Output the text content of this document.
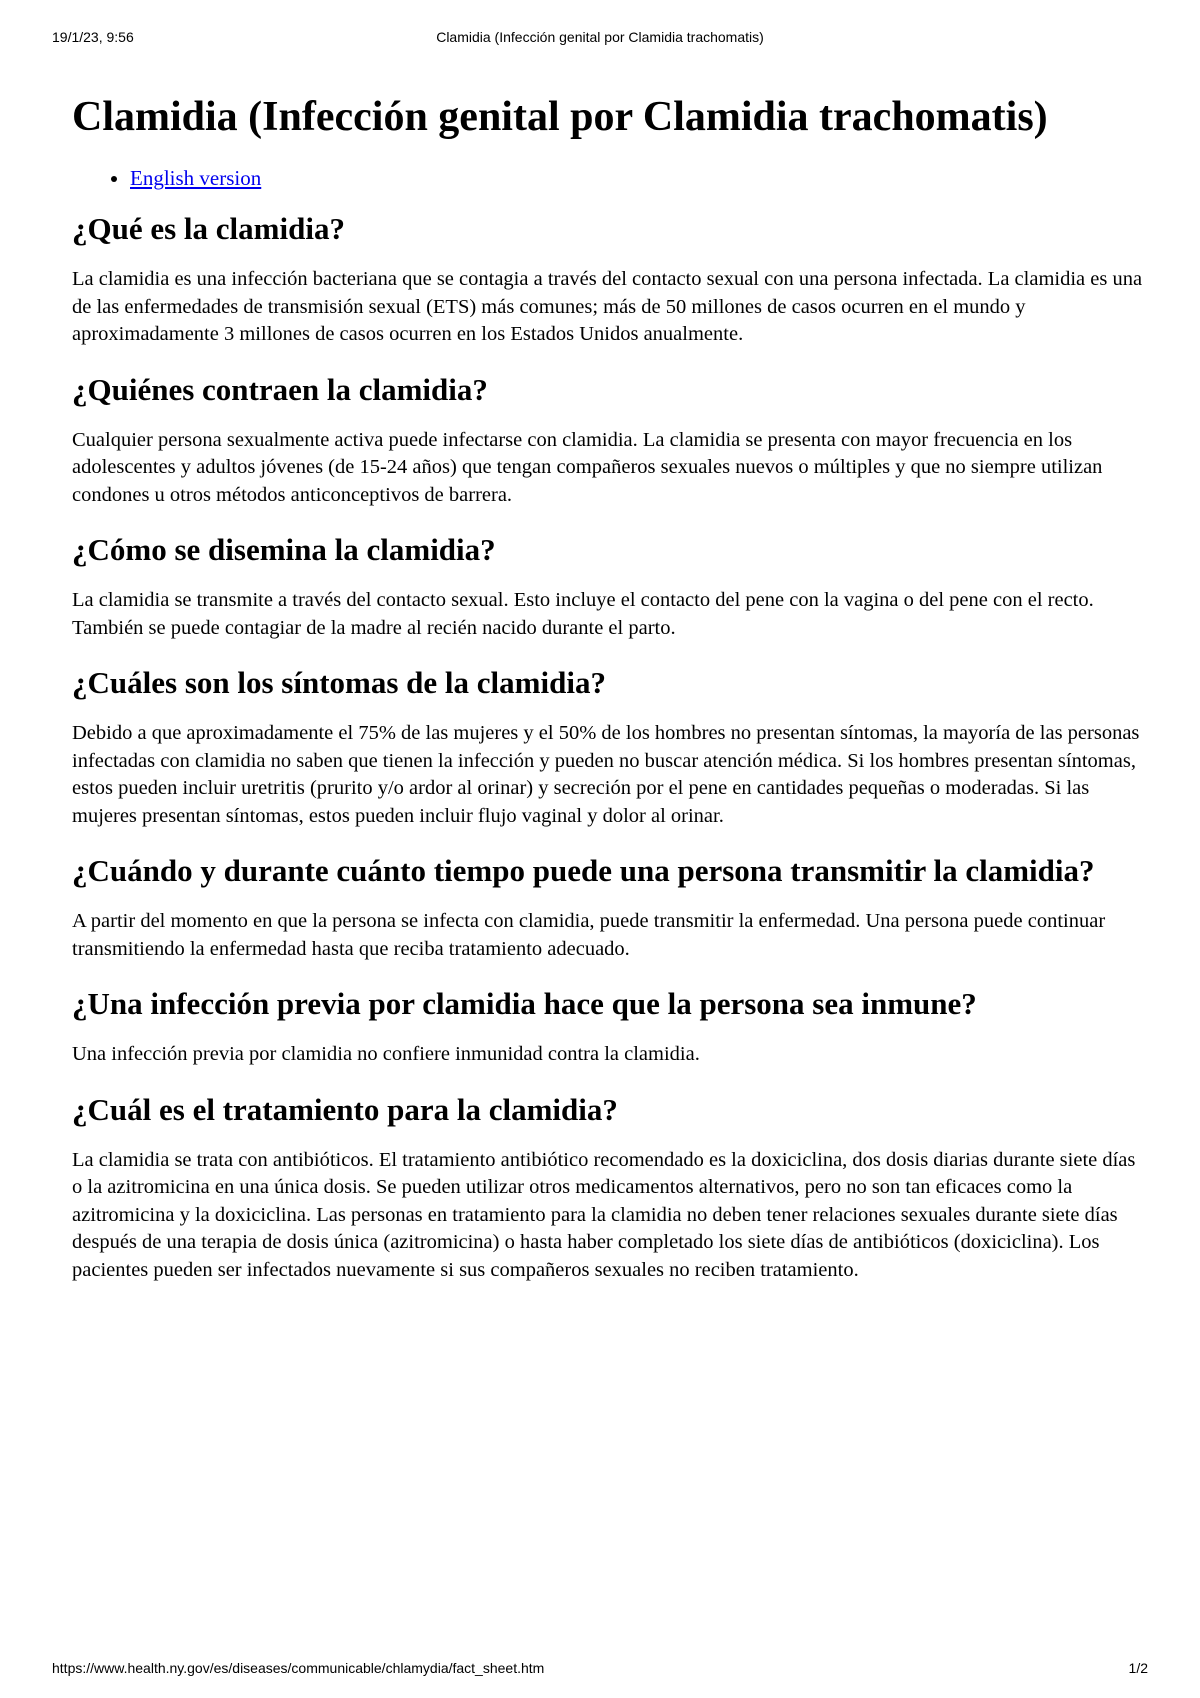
19/1/23, 9:56	Clamidia (Infección genital por Clamidia trachomatis)
Clamidia (Infección genital por Clamidia trachomatis)
• English version
¿Qué es la clamidia?

La clamidia es una infección bacteriana que se contagia a través del contacto sexual con una persona infectada. La clamidia es una de las enfermedades de transmisión sexual (ETS) más comunes; más de 50 millones de casos ocurren en el mundo y aproximadamente 3 millones de casos ocurren en los Estados Unidos anualmente.

¿Quiénes contraen la clamidia?

Cualquier persona sexualmente activa puede infectarse con clamidia. La clamidia se presenta con mayor frecuencia en los adolescentes y adultos jóvenes (de 15-24 años) que tengan compañeros sexuales nuevos o múltiples y que no siempre utilizan condones u otros métodos anticonceptivos de barrera.

¿Cómo se disemina la clamidia?

La clamidia se transmite a través del contacto sexual. Esto incluye el contacto del pene con la vagina o del pene con el recto. También se puede contagiar de la madre al recién nacido durante el parto.

¿Cuáles son los síntomas de la clamidia?

Debido a que aproximadamente el 75% de las mujeres y el 50% de los hombres no presentan síntomas, la mayoría de las personas infectadas con clamidia no saben que tienen la infección y pueden no buscar atención médica. Si los hombres presentan síntomas, estos pueden incluir uretritis (prurito y/o ardor al orinar) y secreción por el pene en cantidades pequeñas o moderadas. Si las mujeres presentan síntomas, estos pueden incluir flujo vaginal y dolor al orinar.

¿Cuándo y durante cuánto tiempo puede una persona transmitir la clamidia?

A partir del momento en que la persona se infecta con clamidia, puede transmitir la enfermedad. Una persona puede continuar transmitiendo la enfermedad hasta que reciba tratamiento adecuado.

¿Una infección previa por clamidia hace que la persona sea inmune?

Una infección previa por clamidia no confiere inmunidad contra la clamidia.

¿Cuál es el tratamiento para la clamidia?

La clamidia se trata con antibióticos. El tratamiento antibiótico recomendado es la doxiciclina, dos dosis diarias durante siete días o la azitromicina en una única dosis. Se pueden utilizar otros medicamentos alternativos, pero no son tan eficaces como la azitromicina y la doxiciclina. Las personas en tratamiento para la clamidia no deben tener relaciones sexuales durante siete días después de una terapia de dosis única (azitromicina) o hasta haber completado los siete días de antibióticos (doxiciclina). Los pacientes pueden ser infectados nuevamente si sus compañeros sexuales no reciben tratamiento.

https://www.health.ny.gov/es/diseases/communicable/chlamydia/fact_sheet.htm	1/2
